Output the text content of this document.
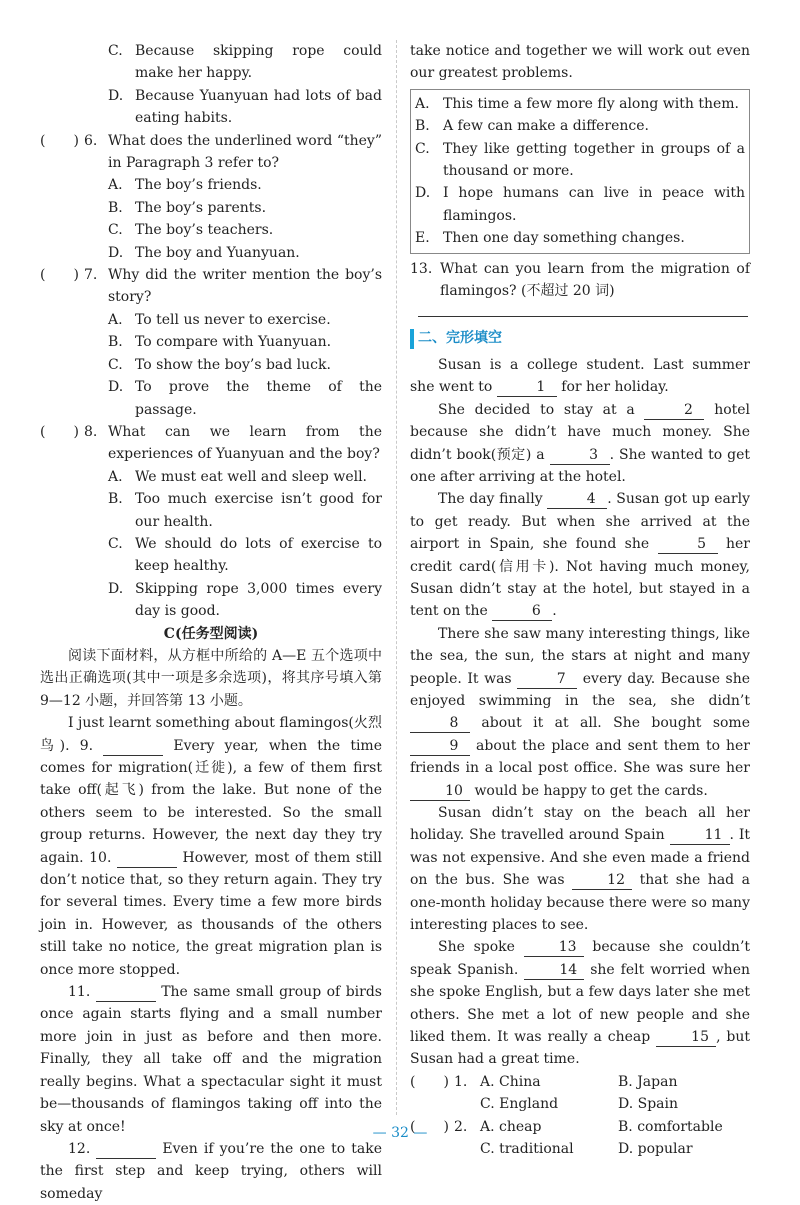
C. Because skipping rope could make her happy.
D. Because Yuanyuan had lots of bad eating habits.
(　　) 6. What does the underlined word “they” in Paragraph 3 refer to?
A. The boy’s friends.
B. The boy’s parents.
C. The boy’s teachers.
D. The boy and Yuanyuan.
(　　) 7. Why did the writer mention the boy’s story?
A. To tell us never to exercise.
B. To compare with Yuanyuan.
C. To show the boy’s bad luck.
D. To prove the theme of the passage.
(　　) 8. What can we learn from the experiences of Yuanyuan and the boy?
A. We must eat well and sleep well.
B. Too much exercise isn’t good for our health.
C. We should do lots of exercise to keep healthy.
D. Skipping rope 3,000 times every day is good.
C(任务型阅读)
阅读下面材料，从方框中所给的 A—E 五个选项中选出正确选项(其中一项是多余选项)，将其序号填入第 9—12 小题，并回答第 13 小题。
I just learnt something about flamingos(火烈鸟). 9.	Every year, when the time comes for migration(迁徙), a few of them first take off(起飞) from the lake. But none of the others seem to be interested. So the small group returns. However, the next day they try again. 10.	However, most of them still don’t notice that, so they return again. They try for several times. Every time a few more birds join in. However, as thousands of the others still take no notice, the great migration plan is once more stopped.
11.	The same small group of birds once again starts flying and a small number more join in just as before and then more. Finally, they all take off and the migration really begins. What a spectacular sight it must be—thousands of flamingos taking off into the sky at once!
12.	Even if you’re the one to take the first step and keep trying, others will someday
take notice and together we will work out even our greatest problems.
A. This time a few more fly along with them.
B. A few can make a difference.
C. They like getting together in groups of a thousand or more.
D. I hope humans can live in peace with flamingos.
E. Then one day something changes.
13. What can you learn from the migration of flamingos? (不超过 20 词)
二、完形填空
Susan is a college student. Last summer she went to	1 for her holiday.
She decided to stay at a	2 hotel because she didn’t have much money. She didn’t book(预定) a	3 . She wanted to get one after arriving at the hotel.
The day finally	4 . Susan got up early to get ready. But when she arrived at the airport in Spain, she found she	5 her credit card(信用卡). Not having much money, Susan didn’t stay at the hotel, but stayed in a tent on the	6 .
There she saw many interesting things, like the sea, the sun, the stars at night and many people. It was	7 every day. Because she enjoyed swimming in the sea, she didn’t 8 about it at all. She bought some 9 about the place and sent them to her friends in a local post office. She was sure her 10 would be happy to get the cards.
Susan didn’t stay on the beach all her holiday. She travelled around Spain	11 . It was not expensive. And she even made a friend on the bus. She was	12 that she had a one-month holiday because there were so many interesting places to see.
She spoke	13 because she couldn’t speak Spanish.	14 she felt worried when she spoke English, but a few days later she met others. She met a lot of new people and she liked them. It was really a cheap	15 , but Susan had a great time.
(　　) 1. A. China	B. Japan
C. England	D. Spain
(　　) 2. A. cheap	B. comfortable
C. traditional	D. popular
— 32 —
